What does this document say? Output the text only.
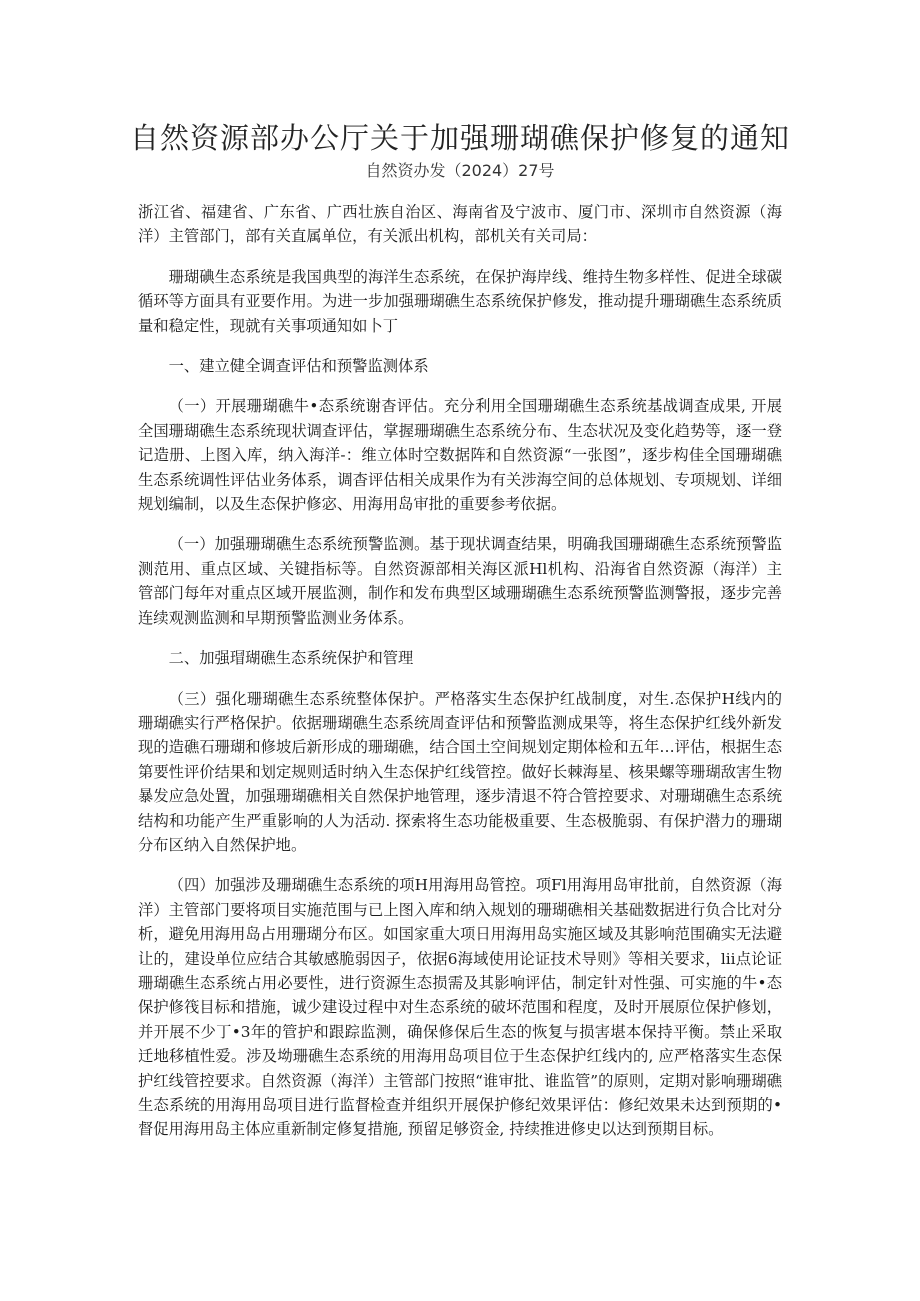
自然资源部办公厅关于加强珊瑚礁保护修复的通知
自然资办发（2024）27号

浙江省、福建省、广东省、广西壮族自治区、海南省及宁波市、厦门市、深圳市自然资源（海洋）主管部门，部有关直属单位，有关派出机构，部机关有关司局：

珊瑚碘生态系统是我国典型的海洋生态系统，在保护海岸线、维持生物多样性、促进全球碳循环等方面具有亚要作用。为进一步加强珊瑚礁生态系统保护修发，推动提升珊瑚礁生态系统质量和稳定性，现就有关事项通知如卜丁

一、建立健全调查评估和预警监测体系

（一）开展珊瑚礁牛•态系统谢杳评估。充分利用全国珊瑚礁生态系统基战调查成果, 开展全国珊瑚礁生态系统现状调查评估，掌握珊瑚礁生态系统分布、生态状况及变化趋势等，逐一登记造册、上图入库，纳入海洋-：维立体时空数据阵和自然资源“一张图”，逐步构佳全国珊瑚礁生态系统调性评估业务体系，调杳评估相关成果作为有关涉海空间的总体规划、专项规划、详细规划编制，以及生态保护修宓、用海用岛审批的重要参考依据。

（一）加强珊瑚礁生态系统预警监测。基于现状调查结果，明确我国珊瑚礁生态系统预警监测范用、重点区域、关键指标等。自然资源部相关海区派Hl机构、沿海省自然资源（海洋）主管部门每年对重点区域开展监测，制作和发布典型区域珊瑚礁生态系统预警监测警报，逐步完善连续观测监测和早期预警监测业务体系。

二、加强瑁瑚礁生态系统保护和管理

（三）强化珊瑚礁生态系统整体保护。严格落实生态保护红战制度，对生.态保护H线内的珊瑚礁实行严格保护。依据珊瑚礁生态系统周查评估和预警监测成果等，将生态保护红线外新发现的造礁石珊瑚和修坡后新形成的珊瑚礁，结合国土空间规划定期体检和五年…评估，根据生态第要性评价结果和划定规则适时纳入生态保护红线管控。做好长棘海星、核果螺等珊瑚敌害生物暴发应急处置，加强珊瑚礁相关自然保护地管理，逐步清退不符合管控要求、对珊瑚礁生态系统结构和功能产生严重影响的人为活动. 探索将生态功能极重要、生态极脆弱、有保护潜力的珊瑚分布区纳入自然保护地。

（四）加强涉及珊瑚礁生态系统的项H用海用岛管控。项Fl用海用岛审批前，自然资源（海洋）主管部门要将项目实施范围与已上图入库和纳入规划的珊瑚礁相关基础数据进行负合比对分析，避免用海用岛占用珊瑚分布区。如国家重大项日用海用岛实施区域及其影响范围确实无法避让的，建设单位应结合其敏感脆弱因子，依据6海域使用论证技术导则》等相关要求，lii点论证珊瑚礁生态系统占用必要性，进行资源生态损需及其影响评估，制定针对性强、可实施的牛•态保护修筏目标和措施，诚少建设过程中对生态系统的破坏范围和程度，及时开展原位保护修划，并开展不少丁•3年的管护和跟踪监测，确保修保后生态的恢复与损害堪本保持平衡。禁止采取迁地移植性爱。涉及坳珊礁生态系统的用海用岛项目位于生态保护红线内的, 应严格落实生态保护红线管控要求。自然资源（海洋）主管部门按照“谁审批、谁监管”的原则，定期对影响珊瑚礁生态系统的用海用岛项目进行监督检查并组织开展保护修纪效果评估：修纪效果未达到预期的•督促用海用岛主体应重新制定修复措施, 预留足够资金, 持续推进修史以达到预期目标。
